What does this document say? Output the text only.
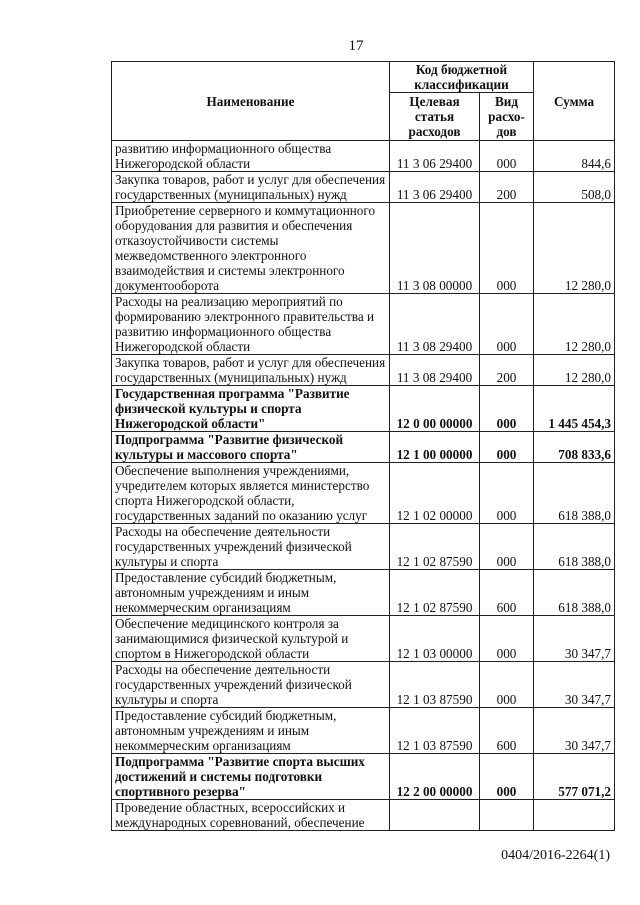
17
Наименование	Код бюджетной классификации		Сумма
	Целевая статья расходов	Вид расхо-дов	
развитию информационного общества Нижегородской области	11 3 06 29400	000	844,6
Закупка товаров, работ и услуг для обеспечения государственных (муниципальных) нужд	11 3 06 29400	200	508,0
Приобретение серверного и коммутационного оборудования для развития и обеспечения отказоустойчивости системы межведомственного электронного взаимодействия и системы электронного документооборота	11 3 08 00000	000	12 280,0
Расходы на реализацию мероприятий по формированию электронного правительства и развитию информационного общества Нижегородской области	11 3 08 29400	000	12 280,0
Закупка товаров, работ и услуг для обеспечения государственных (муниципальных) нужд	11 3 08 29400	200	12 280,0
Государственная программа "Развитие физической культуры и спорта Нижегородской области"	12 0 00 00000	000	1 445 454,3
Подпрограмма "Развитие физической культуры и массового спорта"	12 1 00 00000	000	708 833,6
Обеспечение выполнения учреждениями, учредителем которых является министерство спорта Нижегородской области, государственных заданий по оказанию услуг	12 1 02 00000	000	618 388,0
Расходы на обеспечение деятельности государственных учреждений физической культуры и спорта	12 1 02 87590	000	618 388,0
Предоставление субсидий бюджетным, автономным учреждениям и иным некоммерческим организациям	12 1 02 87590	600	618 388,0
Обеспечение медицинского контроля за занимающимися физической культурой и спортом в Нижегородской области	12 1 03 00000	000	30 347,7
Расходы на обеспечение деятельности государственных учреждений физической культуры и спорта	12 1 03 87590	000	30 347,7
Предоставление субсидий бюджетным, автономным учреждениям и иным некоммерческим организациям	12 1 03 87590	600	30 347,7
Подпрограмма "Развитие спорта высших достижений и системы подготовки спортивного резерва"	12 2 00 00000	000	577 071,2
Проведение областных, всероссийских и международных соревнований, обеспечение			
0404/2016-2264(1)
